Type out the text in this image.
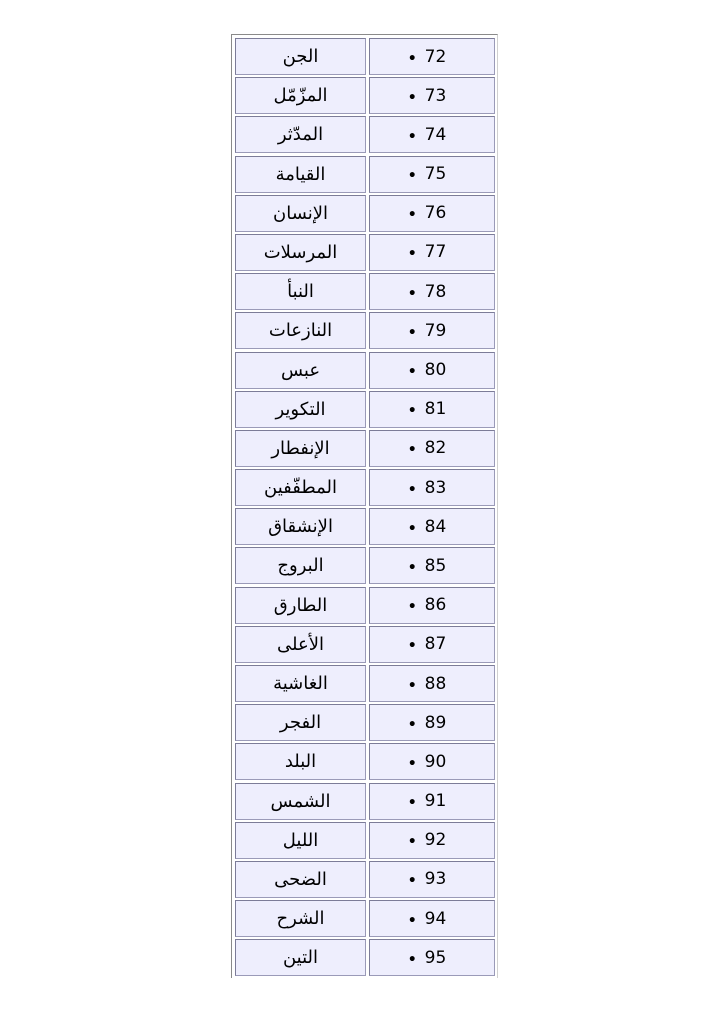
الجن	• 72
المزّمّل	• 73
المدّثر	• 74
القيامة	• 75
الإنسان	• 76
المرسلات	• 77
النبأ	• 78
النازعات	• 79
عبس	• 80
التكوير	• 81
الإنفطار	• 82
المطفّفين	• 83
الإنشقاق	• 84
البروج	• 85
الطارق	• 86
الأعلى	• 87
الغاشية	• 88
الفجر	• 89
البلد	• 90
الشمس	• 91
الليل	• 92
الضحى	• 93
الشرح	• 94
التين	• 95
